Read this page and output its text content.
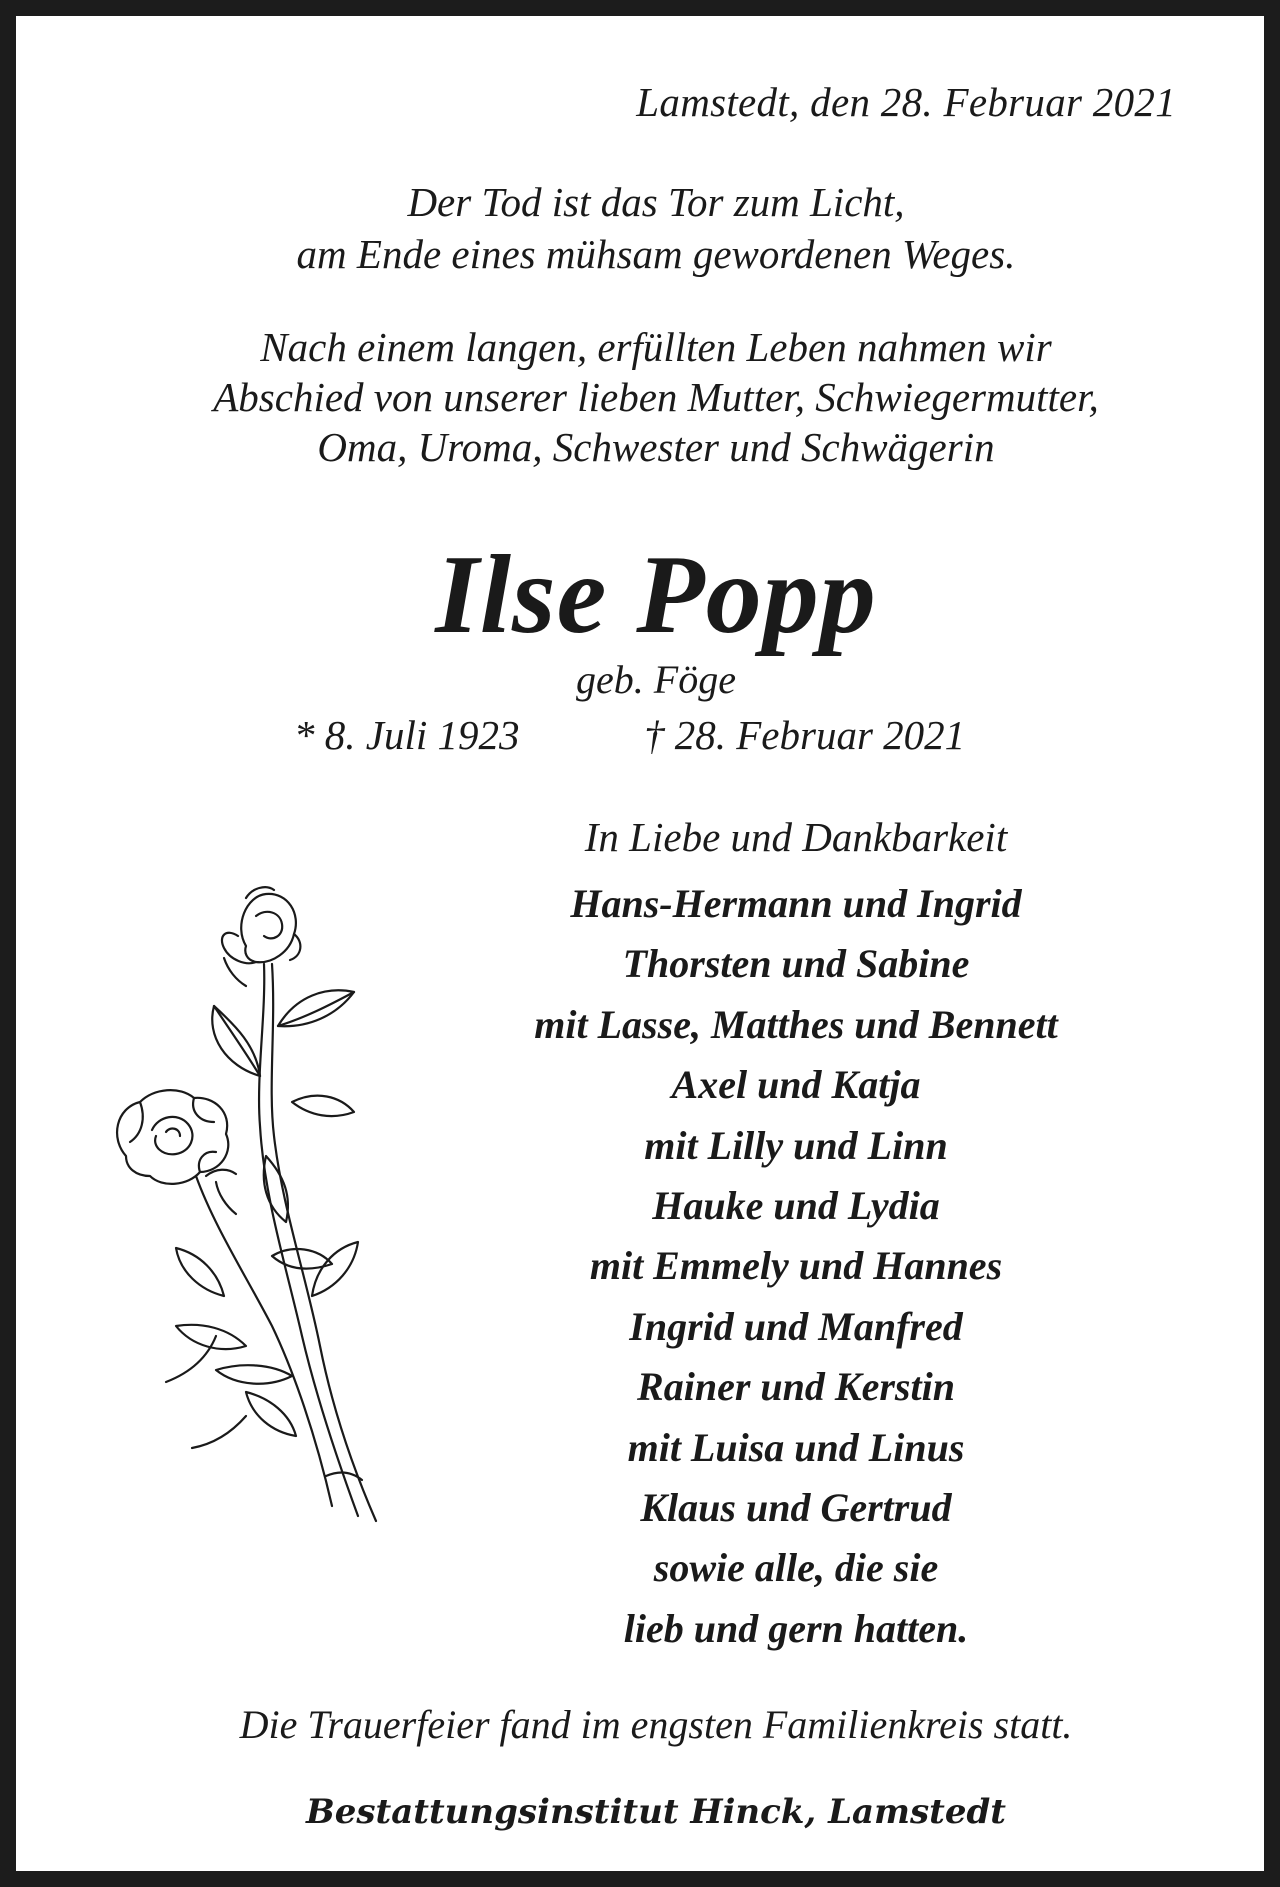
Lamstedt, den 28. Februar 2021
Der Tod ist das Tor zum Licht,
am Ende eines mühsam gewordenen Weges.
Nach einem langen, erfüllten Leben nahmen wir
Abschied von unserer lieben Mutter, Schwiegermutter,
Oma, Uroma, Schwester und Schwägerin
Ilse Popp
geb. Föge
* 8. Juli 1923	† 28. Februar 2021
In Liebe und Dankbarkeit
Hans-Hermann und Ingrid
Thorsten und Sabine
mit Lasse, Matthes und Bennett
Axel und Katja
mit Lilly und Linn
Hauke und Lydia
mit Emmely und Hannes
Ingrid und Manfred
Rainer und Kerstin
mit Luisa und Linus
Klaus und Gertrud
sowie alle, die sie
lieb und gern hatten.
Die Trauerfeier fand im engsten Familienkreis statt.
Bestattungsinstitut Hinck, Lamstedt
